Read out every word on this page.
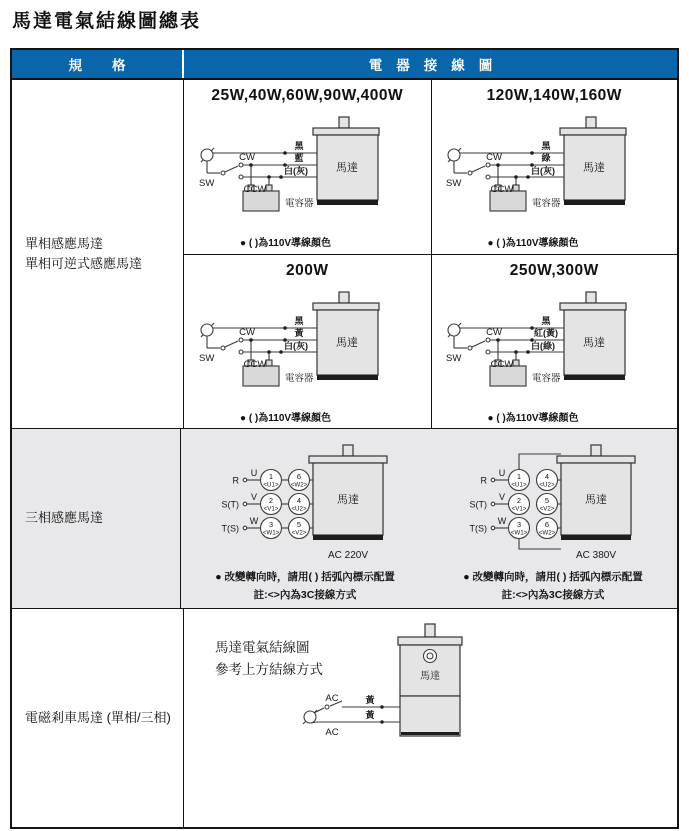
馬達電氣結線圖總表
規格	電器接線圖
單相感應馬達
單相可逆式感應馬達
25W,40W,60W,90W,400W
馬達
SW
CW
CCW
電容器
黑
藍
白(灰)
● ( )為110V導線顏色
120W,140W,160W
馬達
SW
CW
CCW
電容器
黑
綠
白(灰)
● ( )為110V導線顏色
200W
馬達
SW
CW
CCW
電容器
黑
黃
白(灰)
● ( )為110V導線顏色
250W,300W
馬達
SW
CW
CCW
電容器
黑
紅(黃)
白(綠)
● ( )為110V導線顏色
三相感應馬達
馬達
R
S(T)
T(S)
U
V
W
1
<U1>
6
<W2>
2
<V1>
4
<U2>
3
<W1>
5
<V2>
AC 220V
● 改變轉向時，請用( ) 括弧內標示配置
註:<>內為3C接線方式
馬達
R
S(T)
T(S)
U
V
W
1
<U1>
4
<U2>
2
<V1>
5
<V2>
3
<W1>
6
<W2>
AC 380V
● 改變轉向時，請用( ) 括弧內標示配置
註:<>內為3C接線方式
電磁剎車馬達 (單相/三相)
馬達電氣結線圖
參考上方結線方式	馬達
AC
AC
黃
黃
